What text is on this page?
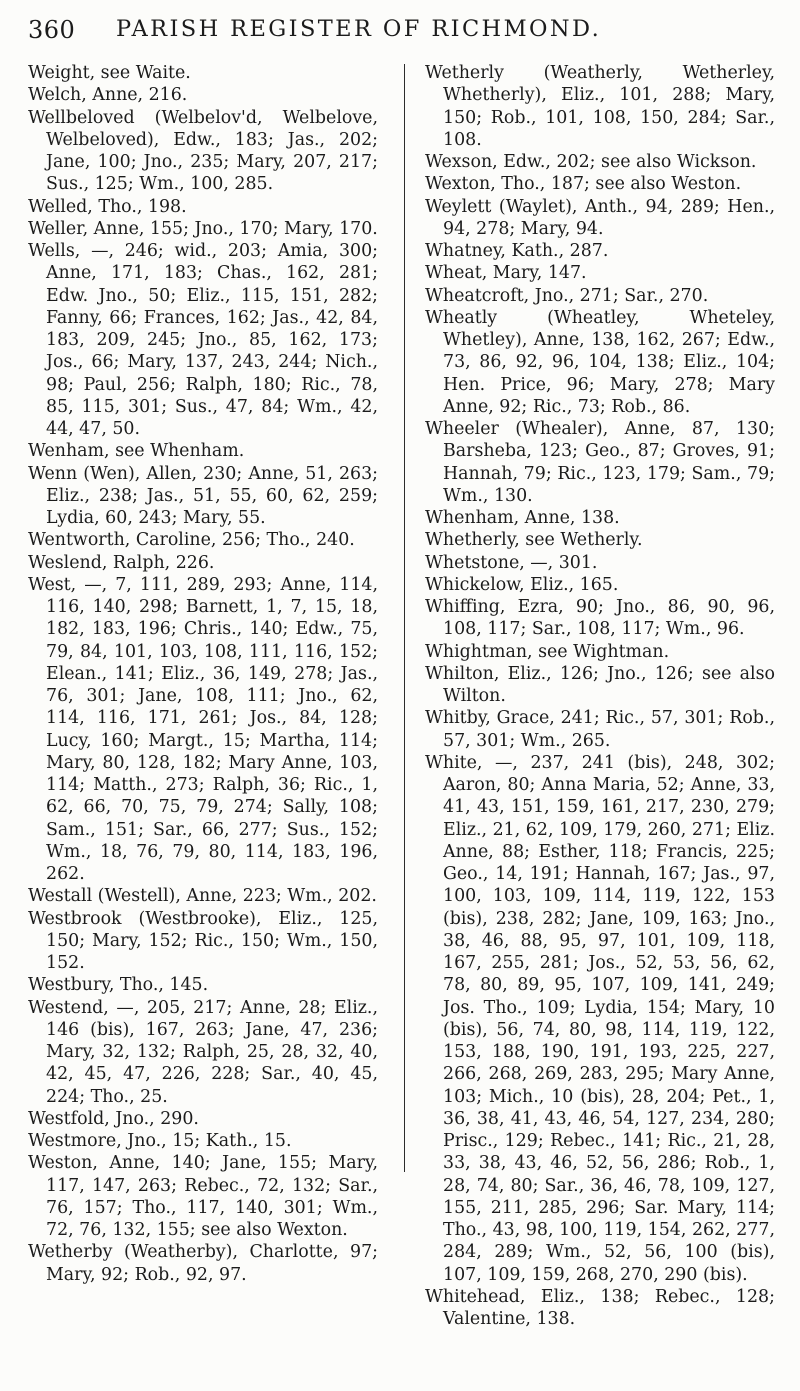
360 PARISH REGISTER OF RICHMOND.

Weight, see Waite.

Welch, Anne, 216.

Wellbeloved (Welbelov'd, Welbelove, Welbeloved), Edw., 183; Jas., 202; Jane, 100; Jno., 235; Mary, 207, 217; Sus., 125; Wm., 100, 285.

Welled, Tho., 198.

Weller, Anne, 155; Jno., 170; Mary, 170.

Wells, —, 246; wid., 203; Amia, 300; Anne, 171, 183; Chas., 162, 281; Edw. Jno., 50; Eliz., 115, 151, 282; Fanny, 66; Frances, 162; Jas., 42, 84, 183, 209, 245; Jno., 85, 162, 173; Jos., 66; Mary, 137, 243, 244; Nich., 98; Paul, 256; Ralph, 180; Ric., 78, 85, 115, 301; Sus., 47, 84; Wm., 42, 44, 47, 50.

Wenham, see Whenham.

Wenn (Wen), Allen, 230; Anne, 51, 263; Eliz., 238; Jas., 51, 55, 60, 62, 259; Lydia, 60, 243; Mary, 55.

Wentworth, Caroline, 256; Tho., 240.

Weslend, Ralph, 226.

West, —, 7, 111, 289, 293; Anne, 114, 116, 140, 298; Barnett, 1, 7, 15, 18, 182, 183, 196; Chris., 140; Edw., 75, 79, 84, 101, 103, 108, 111, 116, 152; Elean., 141; Eliz., 36, 149, 278; Jas., 76, 301; Jane, 108, 111; Jno., 62, 114, 116, 171, 261; Jos., 84, 128; Lucy, 160; Margt., 15; Martha, 114; Mary, 80, 128, 182; Mary Anne, 103, 114; Matth., 273; Ralph, 36; Ric., 1, 62, 66, 70, 75, 79, 274; Sally, 108; Sam., 151; Sar., 66, 277; Sus., 152; Wm., 18, 76, 79, 80, 114, 183, 196, 262.

Westall (Westell), Anne, 223; Wm., 202.

Westbrook (Westbrooke), Eliz., 125, 150; Mary, 152; Ric., 150; Wm., 150, 152.

Westbury, Tho., 145.

Westend, —, 205, 217; Anne, 28; Eliz., 146 (bis), 167, 263; Jane, 47, 236; Mary, 32, 132; Ralph, 25, 28, 32, 40, 42, 45, 47, 226, 228; Sar., 40, 45, 224; Tho., 25.

Westfold, Jno., 290.

Westmore, Jno., 15; Kath., 15.

Weston, Anne, 140; Jane, 155; Mary, 117, 147, 263; Rebec., 72, 132; Sar., 76, 157; Tho., 117, 140, 301; Wm., 72, 76, 132, 155; see also Wexton.

Wetherby (Weatherby), Charlotte, 97; Mary, 92; Rob., 92, 97.

Wetherly (Weatherly, Wetherley, Whetherly), Eliz., 101, 288; Mary, 150; Rob., 101, 108, 150, 284; Sar., 108.

Wexson, Edw., 202; see also Wickson.

Wexton, Tho., 187; see also Weston.

Weylett (Waylet), Anth., 94, 289; Hen., 94, 278; Mary, 94.

Whatney, Kath., 287.

Wheat, Mary, 147.

Wheatcroft, Jno., 271; Sar., 270.

Wheatly (Wheatley, Wheteley, Whetley), Anne, 138, 162, 267; Edw., 73, 86, 92, 96, 104, 138; Eliz., 104; Hen. Price, 96; Mary, 278; Mary Anne, 92; Ric., 73; Rob., 86.

Wheeler (Whealer), Anne, 87, 130; Barsheba, 123; Geo., 87; Groves, 91; Hannah, 79; Ric., 123, 179; Sam., 79; Wm., 130.

Whenham, Anne, 138.

Whetherly, see Wetherly.

Whetstone, —, 301.

Whickelow, Eliz., 165.

Whiffing, Ezra, 90; Jno., 86, 90, 96, 108, 117; Sar., 108, 117; Wm., 96.

Whightman, see Wightman.

Whilton, Eliz., 126; Jno., 126; see also Wilton.

Whitby, Grace, 241; Ric., 57, 301; Rob., 57, 301; Wm., 265.

White, —, 237, 241 (bis), 248, 302; Aaron, 80; Anna Maria, 52; Anne, 33, 41, 43, 151, 159, 161, 217, 230, 279; Eliz., 21, 62, 109, 179, 260, 271; Eliz. Anne, 88; Esther, 118; Francis, 225; Geo., 14, 191; Hannah, 167; Jas., 97, 100, 103, 109, 114, 119, 122, 153 (bis), 238, 282; Jane, 109, 163; Jno., 38, 46, 88, 95, 97, 101, 109, 118, 167, 255, 281; Jos., 52, 53, 56, 62, 78, 80, 89, 95, 107, 109, 141, 249; Jos. Tho., 109; Lydia, 154; Mary, 10 (bis), 56, 74, 80, 98, 114, 119, 122, 153, 188, 190, 191, 193, 225, 227, 266, 268, 269, 283, 295; Mary Anne, 103; Mich., 10 (bis), 28, 204; Pet., 1, 36, 38, 41, 43, 46, 54, 127, 234, 280; Prisc., 129; Rebec., 141; Ric., 21, 28, 33, 38, 43, 46, 52, 56, 286; Rob., 1, 28, 74, 80; Sar., 36, 46, 78, 109, 127, 155, 211, 285, 296; Sar. Mary, 114; Tho., 43, 98, 100, 119, 154, 262, 277, 284, 289; Wm., 52, 56, 100 (bis), 107, 109, 159, 268, 270, 290 (bis).

Whitehead, Eliz., 138; Rebec., 128; Valentine, 138.
